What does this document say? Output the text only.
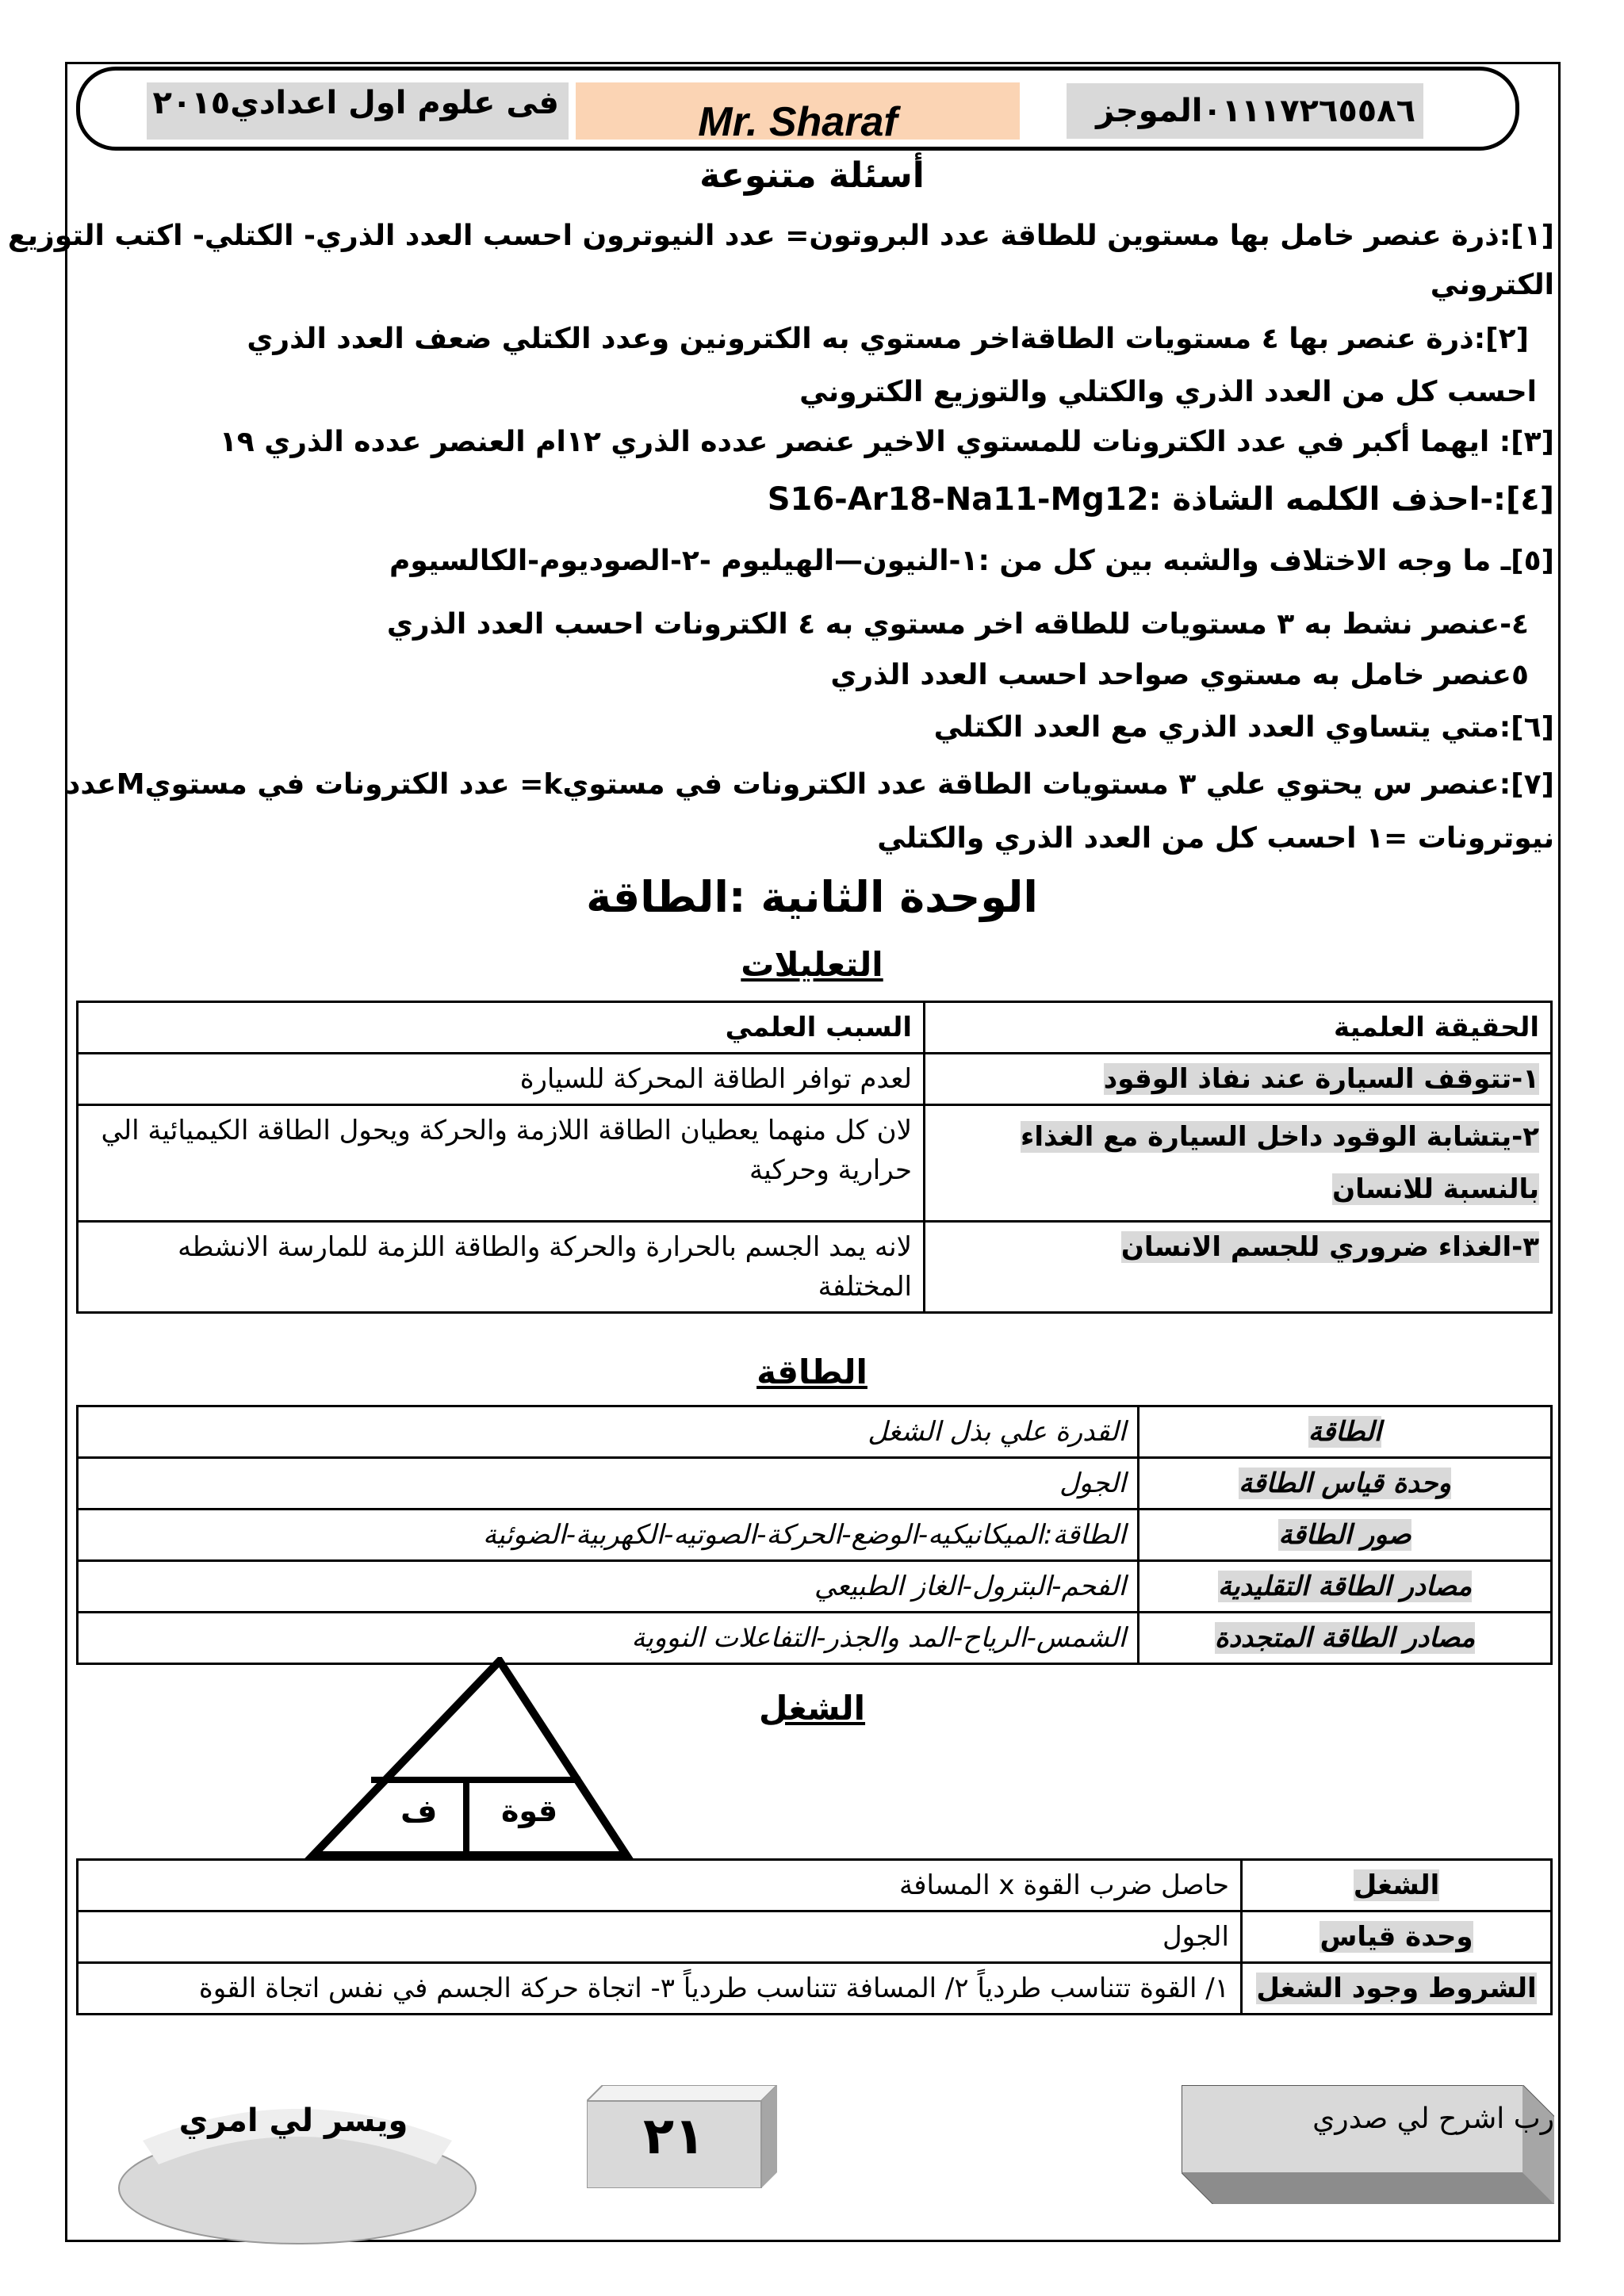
فى علوم اول اعدادي٢٠١٥	Mr. Sharaf	٠١١١٧٢٦٥٥٨٦الموجز
أسئلة متنوعة
[١]:ذرة عنصر خامل بها مستوين للطاقة عدد البروتون= عدد النيوترون احسب العدد الذري- الكتلي- اكتب التوزيع
الكتروني
[٢]:ذرة عنصر بها ٤ مستويات الطاقةاخر مستوي به الكترونين وعدد الكتلي ضعف العدد الذري
احسب كل من العدد الذري والكتلي والتوزيع الكتروني
[٣]: ايهما أكبر في عدد الكترونات للمستوي الاخير عنصر عدده الذري ١٢ام العنصر عدده الذري ١٩
[٤]:-احذف الكلمه الشاذة :S16-Ar18-Na11-Mg12
[٥]ـ ما وجه الاختلاف والشبه بين كل من :١-النيون—الهيليوم -٢-الصوديوم-الكالسيوم
٤-عنصر نشط به ٣ مستويات للطاقه اخر مستوي به ٤ الكترونات احسب العدد الذري
٥عنصر خامل به مستوي صواحد احسب العدد الذري
[٦]:متي يتساوي العدد الذري مع العدد الكتلي
[٧]:عنصر س يحتوي علي ٣ مستويات الطاقة عدد الكترونات في مستويk= عدد الكترونات في مستويMعدد
نيوترونات =١ احسب كل من العدد الذري والكتلي
الوحدة الثانية :الطاقة
التعليلات
الحقيقة العلمية	السبب العلمي
١-تتوقف السيارة عند نفاذ الوقود	لعدم توافر الطاقة المحركة للسيارة
٢-يتشابة الوقود داخل السيارة مع الغذاء بالنسبة للانسان	لان كل منهما يعطيان الطاقة اللازمة والحركة ويحول الطاقة الكيميائية الي حرارية وحركية
٣-الغذاء ضروري للجسم الانسان	لانه يمد الجسم بالحرارة والحركة والطاقة اللزمة للمارسة الانشطه المختلفة
الطاقة
الطاقة	القدرة علي بذل الشغل
وحدة قياس الطاقة	الجول
صور الطاقة	الطاقة:الميكانيكيه-الوضع-الحركة-الصوتيه-الكهربية-الضوئية
مصادر الطاقة التقليدية	الفحم-البترول-الغاز الطبيعي
مصادر الطاقة المتجددة	الشمس-الرياح-المد والجذر-التفاعلات النووية
الشغل
ف قوة
الشغل	حاصل ضرب القوة x المسافة
وحدة قياس	الجول
الشروط وجود الشغل	١/ القوة تتناسب طردياً ٢/ المسافة تتناسب طردياً ٣- اتجاة حركة الجسم في نفس اتجاة القوة
رب اشرح لي صدري
٢١
ويسر لي امري
